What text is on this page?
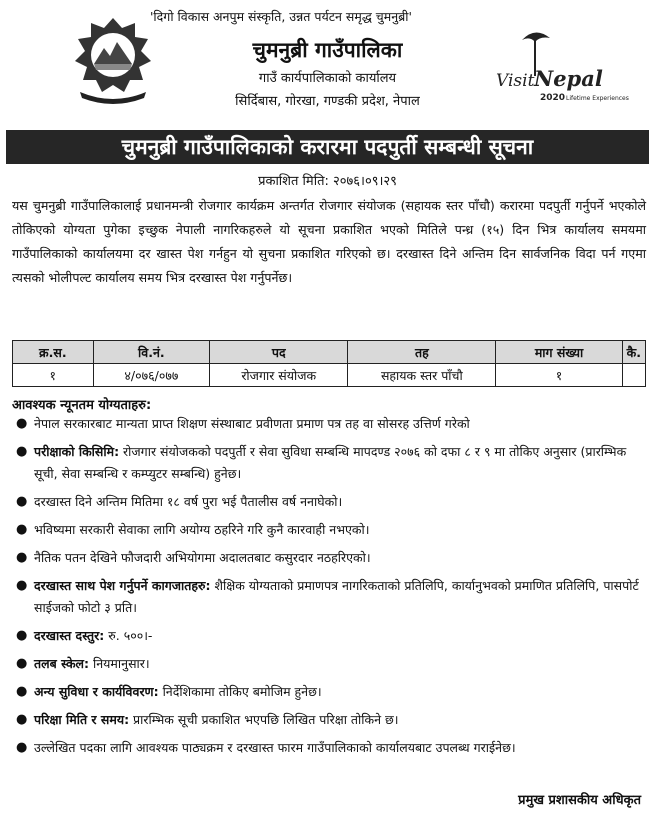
'दिगो विकास अनपुम संस्कृति, उन्नत पर्यटन समृद्ध चुमनुब्री'
चुमनुब्री गाउँपालिका
गाउँ कार्यपालिकाको कार्यालय
सिर्दिबास, गोरखा, गण्डकी प्रदेश, नेपाल
Visit Nepal
2020 Lifetime Experiences
चुमनुब्री गाउँपालिकाको करारमा पदपुर्ती सम्बन्धी सूचना
प्रकाशित मिति: २०७६।०९।२९
यस चुमनुब्री गाउँपालिकालाई प्रधानमन्त्री रोजगार कार्यक्रम अन्तर्गत रोजगार संयोजक (सहायक स्तर पाँचौ) करारमा पदपुर्ती गर्नुपर्ने भएकोले तोकिएको योग्यता पुगेका इच्छुक नेपाली नागरिकहरुले यो सूचना प्रकाशित भएको मितिले पन्ध्र (१५) दिन भित्र कार्यालय समयमा गाउँपालिकाको कार्यालयमा दर खास्त पेश गर्नहुन यो सुचना प्रकाशित गरिएको छ। दरखास्त दिने अन्तिम दिन सार्वजनिक विदा पर्न गएमा त्यसको भोलीपल्ट कार्यालय समय भित्र दरखास्त पेश गर्नुपर्नेछ।
क्र.स.	वि.नं.	पद	तह	माग संख्या	कै.
१	४/०७६/०७७	रोजगार संयोजक	सहायक स्तर पाँचौ	१	
आवश्यक न्यूनतम योग्यताहरु:
● नेपाल सरकारबाट मान्यता प्राप्त शिक्षण संस्थाबाट प्रवीणता प्रमाण पत्र तह वा सोसरह उत्तिर्ण गरेको
● परीक्षाको किसिमि: रोजगार संयोजकको पदपुर्ती र सेवा सुविधा सम्बन्धि मापदण्ड २०७६ को दफा ८ र ९ मा तोकिए अनुसार (प्रारम्भिक सूची, सेवा सम्बन्धि र कम्प्युटर सम्बन्धि) हुनेछ।
● दरखास्त दिने अन्तिम मितिमा १८ वर्ष पुरा भई पैतालीस वर्ष ननाघेको।
● भविष्यमा सरकारी सेवाका लागि अयोग्य ठहरिने गरि कुनै कारवाही नभएको।
● नैतिक पतन देखिने फौजदारी अभियोगमा अदालतबाट कसुरदार नठहरिएको।
● दरखास्त साथ पेश गर्नुपर्ने कागजातहरु: शैक्षिक योग्यताको प्रमाणपत्र नागरिकताको प्रतिलिपि, कार्यानुभवको प्रमाणित प्रतिलिपि, पासपोर्ट साईजको फोटो ३ प्रति।
● दरखास्त दस्तुर: रु. ५००।-
● तलब स्केल: नियमानुसार।
● अन्य सुविधा र कार्यविवरण: निर्देशिकामा तोकिए बमोजिम हुनेछ।
● परिक्षा मिति र समय: प्रारम्भिक सूची प्रकाशित भएपछि लिखित परिक्षा तोकिने छ।
● उल्लेखित पदका लागि आवश्यक पाठ्यक्रम र दरखास्त फारम गाउँपालिकाको कार्यालयबाट उपलब्ध गराईनेछ।
प्रमुख प्रशासकीय अधिकृत
